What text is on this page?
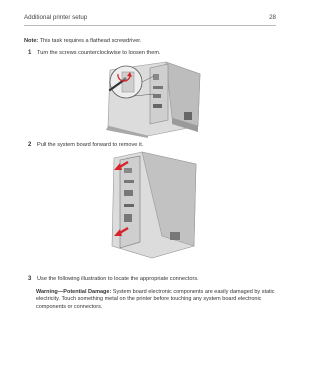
Additional printer setup	28
Note: This task requires a flathead screwdriver.
1 Turn the screws counterclockwise to loosen them.
2 Pull the system board forward to remove it.
3 Use the following illustration to locate the appropriate connectors.
Warning—Potential Damage: System board electronic components are easily damaged by static electricity. Touch something metal on the printer before touching any system board electronic components or connectors.
